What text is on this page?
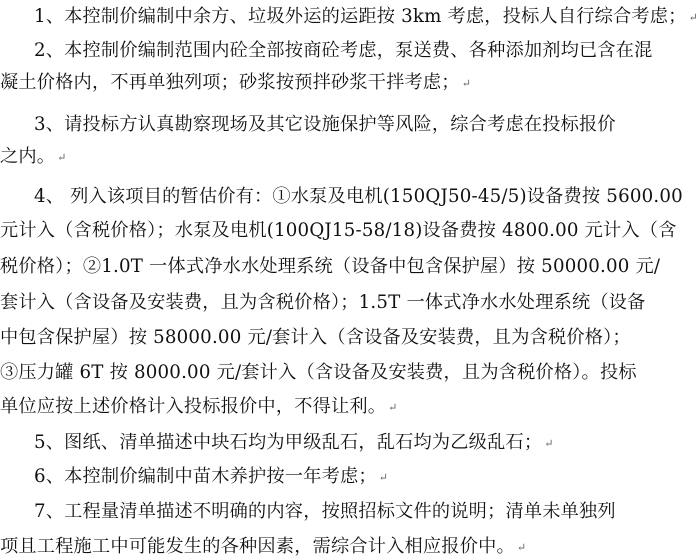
1、本控制价编制中余方、垃圾外运的运距按 3km 考虑，投标人自行综合考虑； ↵
2、本控制价编制范围内砼全部按商砼考虑，泵送费、各种添加剂均已含在混
凝土价格内，不再单独列项；砂浆按预拌砂浆干拌考虑； ↵
3、请投标方认真勘察现场及其它设施保护等风险，综合考虑在投标报价
之内。 ↵
4、 列入该项目的暂估价有：①水泵及电机(150QJ50-45/5)设备费按 5600.00
元计入（含税价格）；水泵及电机(100QJ15-58/18)设备费按 4800.00 元计入（含
税价格）；②1.0T 一体式净水水处理系统（设备中包含保护屋）按 50000.00 元/
套计入（含设备及安装费，且为含税价格）；1.5T 一体式净水水处理系统（设备
中包含保护屋）按 58000.00 元/套计入（含设备及安装费，且为含税价格）；
③压力罐 6T 按 8000.00 元/套计入（含设备及安装费，且为含税价格）。投标
单位应按上述价格计入投标报价中，不得让利。 ↵
5、图纸、清单描述中块石均为甲级乱石，乱石均为乙级乱石； ↵
6、本控制价编制中苗木养护按一年考虑； ↵
7、工程量清单描述不明确的内容，按照招标文件的说明；清单未单独列
项且工程施工中可能发生的各种因素，需综合计入相应报价中。 ↵
